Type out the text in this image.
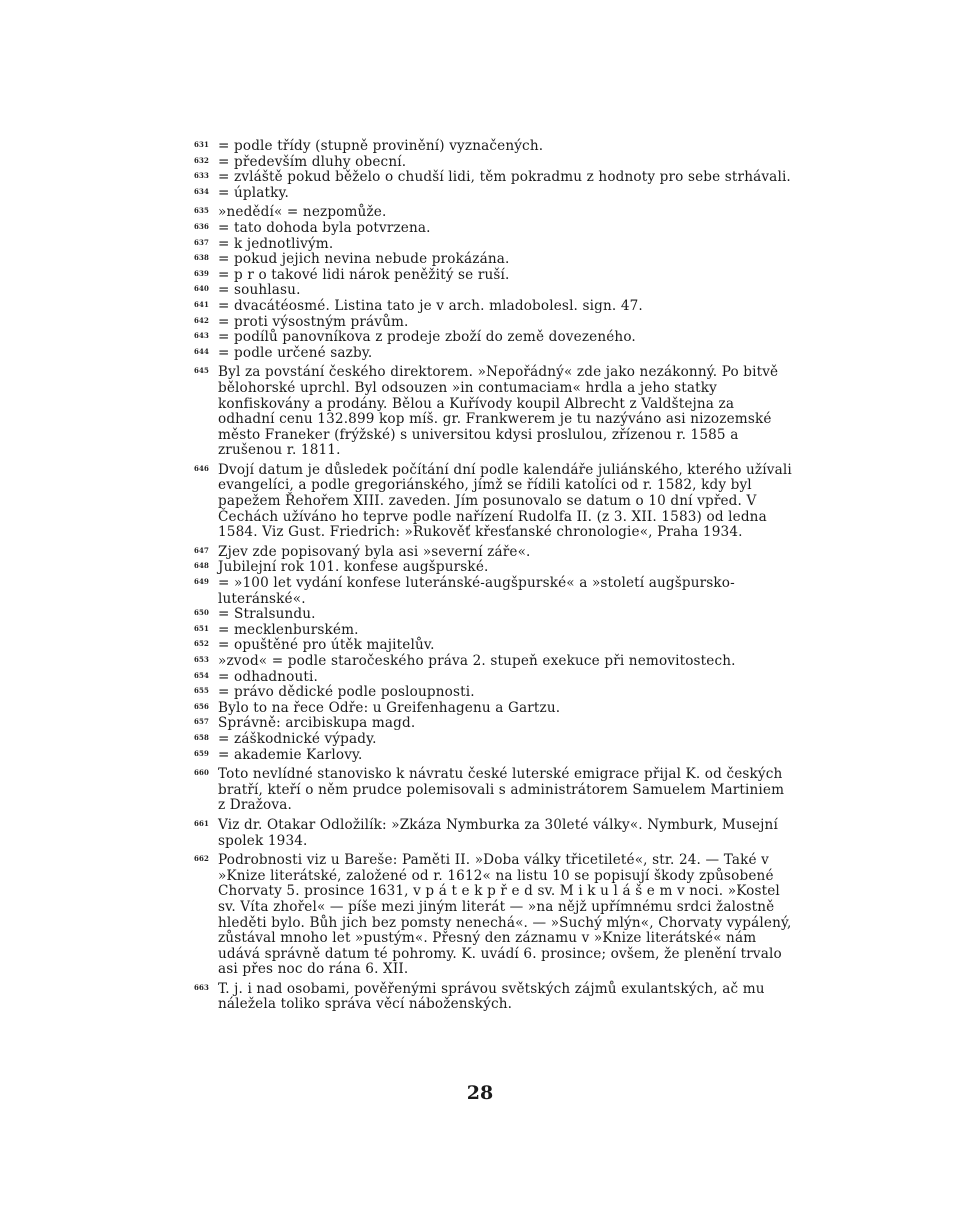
631 = podle třídy (stupně provinění) vyznačených.
632 = především dluhy obecní.
633 = zvláště pokud běželo o chudší lidi, těm pokradmu z hodnoty pro sebe strhávali.
634 = úplatky.
635 »nedědí« = nezpomůže.
636 = tato dohoda byla potvrzena.
637 = k jednotlivým.
638 = pokud jejich nevina nebude prokázána.
639 = p r o takové lidi nárok peněžitý se ruší.
640 = souhlasu.
641 = dvacátéosmé. Listina tato je v arch. mladobolesl. sign. 47.
642 = proti výsostným právům.
643 = podílů panovníkova z prodeje zboží do země dovezeného.
644 = podle určené sazby.
645 Byl za povstání českého direktorem. »Nepořádný« zde jako nezákonný. Po bitvě bělohorské uprchl. Byl odsouzen »in contumaciam« hrdla a jeho statky konfiskovány a prodány. Bělou a Kuřívody koupil Albrecht z Valdštejna za odhadní cenu 132.899 kop míš. gr. Frankwerem je tu nazýváno asi nizozemské město Franeker (frýžské) s universitou kdysi proslulou, zřízenou r. 1585 a zrušenou r. 1811.
646 Dvojí datum je důsledek počítání dní podle kalendáře juliánského, kterého užívali evangelíci, a podle gregoriánského, jímž se řídili katolíci od r. 1582, kdy byl papežem Řehořem XIII. zaveden. Jím posunovalo se datum o 10 dní vpřed. V Čechách užíváno ho teprve podle nařízení Rudolfa II. (z 3. XII. 1583) od ledna 1584. Viz Gust. Friedrich: »Rukověť křesťanské chronologie«, Praha 1934.
647 Zjev zde popisovaný byla asi »severní záře«.
648 Jubilejní rok 101. konfese augšpurské.
649 = »100 let vydání konfese luteránské-augšpurské« a »století augšpursko-luteránské«.
650 = Stralsundu.
651 = mecklenburském.
652 = opuštěné pro útěk majitelův.
653 »zvod« = podle staročeského práva 2. stupeň exekuce při nemovitostech.
654 = odhadnouti.
655 = právo dědické podle posloupnosti.
656 Bylo to na řece Odře: u Greifenhagenu a Gartzu.
657 Správně: arcibiskupa magd.
658 = záškodnické výpady.
659 = akademie Karlovy.
660 Toto nevlídné stanovisko k návratu české luterské emigrace přijal K. od českých bratří, kteří o něm prudce polemisovali s administrátorem Samuelem Martiniem z Dražova.
661 Viz dr. Otakar Odložilík: »Zkáza Nymburka za 30leté války«. Nymburk, Musejní spolek 1934.
662 Podrobnosti viz u Bareše: Paměti II. »Doba války třicetileté«, str. 24. — Také v »Knize literátské, založené od r. 1612« na listu 10 se popisují škody způsobené Chorvaty 5. prosince 1631, v p á t e k p ř e d sv. M i k u l á š e m v noci. »Kostel sv. Víta zhořel« — píše mezi jiným literát — »na nějž upřímnému srdci žalostně hleděti bylo. Bůh jich bez pomsty nenechá«. — »Suchý mlýn«, Chorvaty vypálený, zůstával mnoho let »pustým«. Přesný den záznamu v »Knize literátské« nám udává správně datum té pohromy. K. uvádí 6. prosince; ovšem, že plenění trvalo asi přes noc do rána 6. XII.
663 T. j. i nad osobami, pověřenými správou světských zájmů exulantských, ač mu náležela toliko správa věcí náboženských.
28
